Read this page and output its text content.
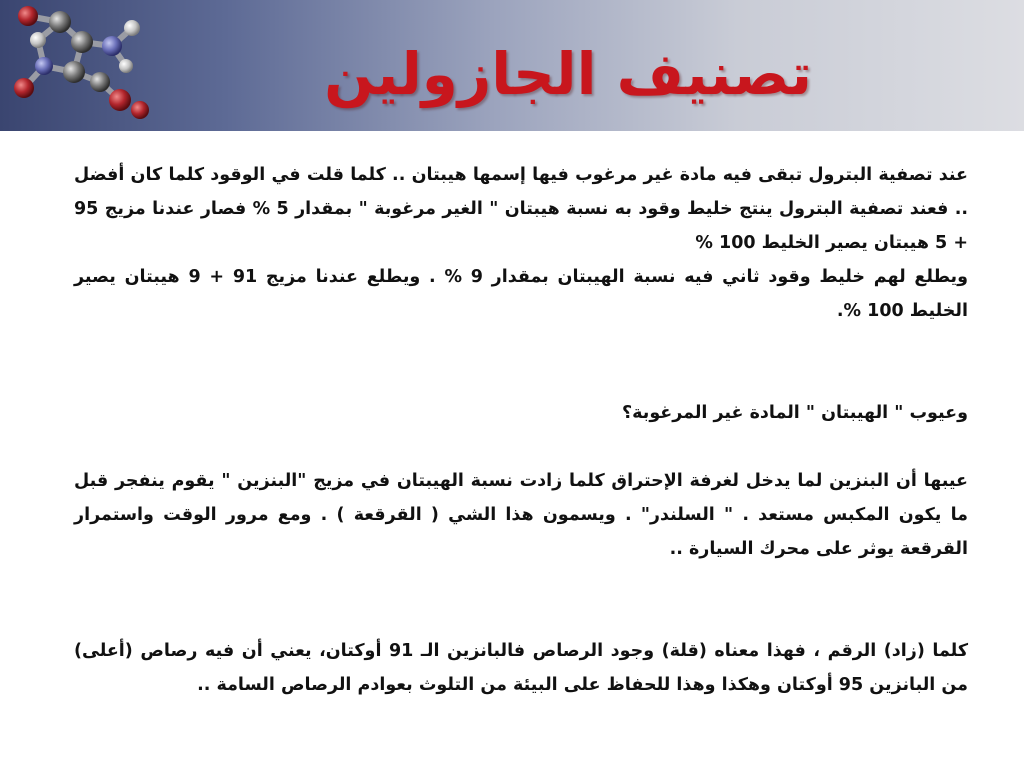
تصنيف الجازولين

عند تصفية البترول تبقى فيه مادة غير مرغوب فيها إسمها هيبتان .. كلما قلت في الوقود كلما كان أفضل .. فعند تصفية البترول ينتج خليط وقود به نسبة هيبتان " الغير مرغوبة " بمقدار 5 % فصار عندنا مزيج 95 + 5 هيبتان يصير الخليط 100 %

ويطلع لهم خليط وقود ثاني فيه نسبة الهيبتان بمقدار 9 % . ويطلع عندنا مزيج 91 + 9 هيبتان يصير الخليط 100 %.

وعيوب " الهيبتان " المادة غير المرغوبة؟

عيبها أن البنزين لما يدخل لغرفة الإحتراق كلما زادت نسبة الهيبتان في مزيج "البنزين " يقوم ينفجر قبل ما يكون المكبس مستعد . " السلندر" . ويسمون هذا الشي ( القرقعة ) . ومع مرور الوقت واستمرار القرقعة يوثر على محرك السيارة ..

كلما (زاد) الرقم ، فهذا معناه (قلة) وجود الرصاص فالبانزين الـ 91 أوكتان، يعني أن فيه رصاص (أعلى) من البانزين 95 أوكتان وهكذا وهذا للحفاظ على البيئة من التلوث بعوادم الرصاص السامة ..
